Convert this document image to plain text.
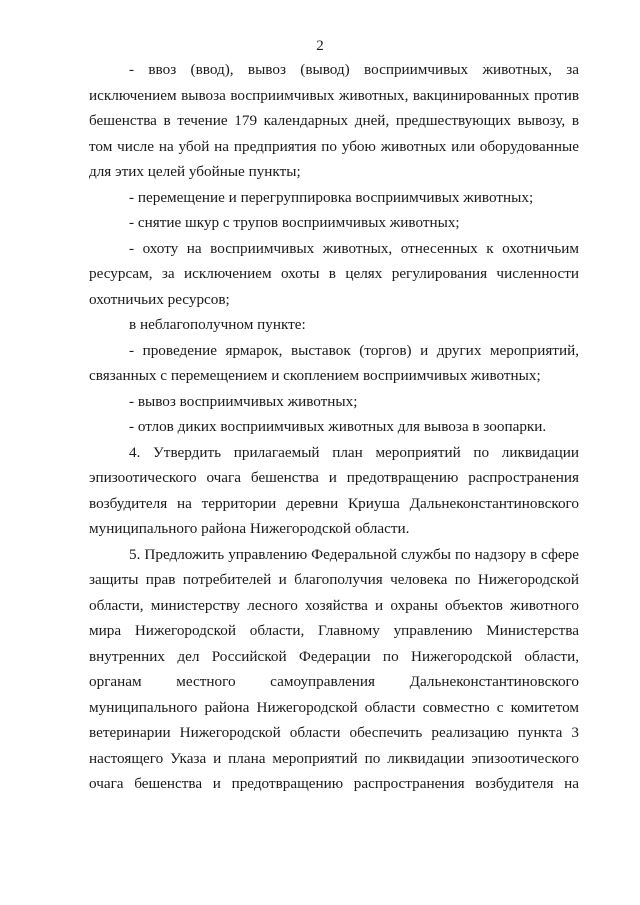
2

- ввоз (ввод), вывоз (вывод) восприимчивых животных, за исключением вывоза восприимчивых животных, вакцинированных против бешенства в течение 179 календарных дней, предшествующих вывозу, в том числе на убой на предприятия по убою животных или оборудованные для этих целей убойные пункты;

- перемещение и перегруппировка восприимчивых животных;

- снятие шкур с трупов восприимчивых животных;

- охоту на восприимчивых животных, отнесенных к охотничьим ресурсам, за исключением охоты в целях регулирования численности охотничьих ресурсов;

в неблагополучном пункте:

- проведение ярмарок, выставок (торгов) и других мероприятий, связанных с перемещением и скоплением восприимчивых животных;

- вывоз восприимчивых животных;

- отлов диких восприимчивых животных для вывоза в зоопарки.

4. Утвердить прилагаемый план мероприятий по ликвидации эпизоотического очага бешенства и предотвращению распространения возбудителя на территории деревни Криуша Дальнеконстантиновского муниципального района Нижегородской области.

5. Предложить управлению Федеральной службы по надзору в сфере защиты прав потребителей и благополучия человека по Нижегородской области, министерству лесного хозяйства и охраны объектов животного мира Нижегородской области, Главному управлению Министерства внутренних дел Российской Федерации по Нижегородской области, органам местного самоуправления Дальнеконстантиновского муниципального района Нижегородской области совместно с комитетом ветеринарии Нижегородской области обеспечить реализацию пункта 3 настоящего Указа и плана мероприятий по ликвидации эпизоотического очага бешенства и предотвращению распространения возбудителя на
